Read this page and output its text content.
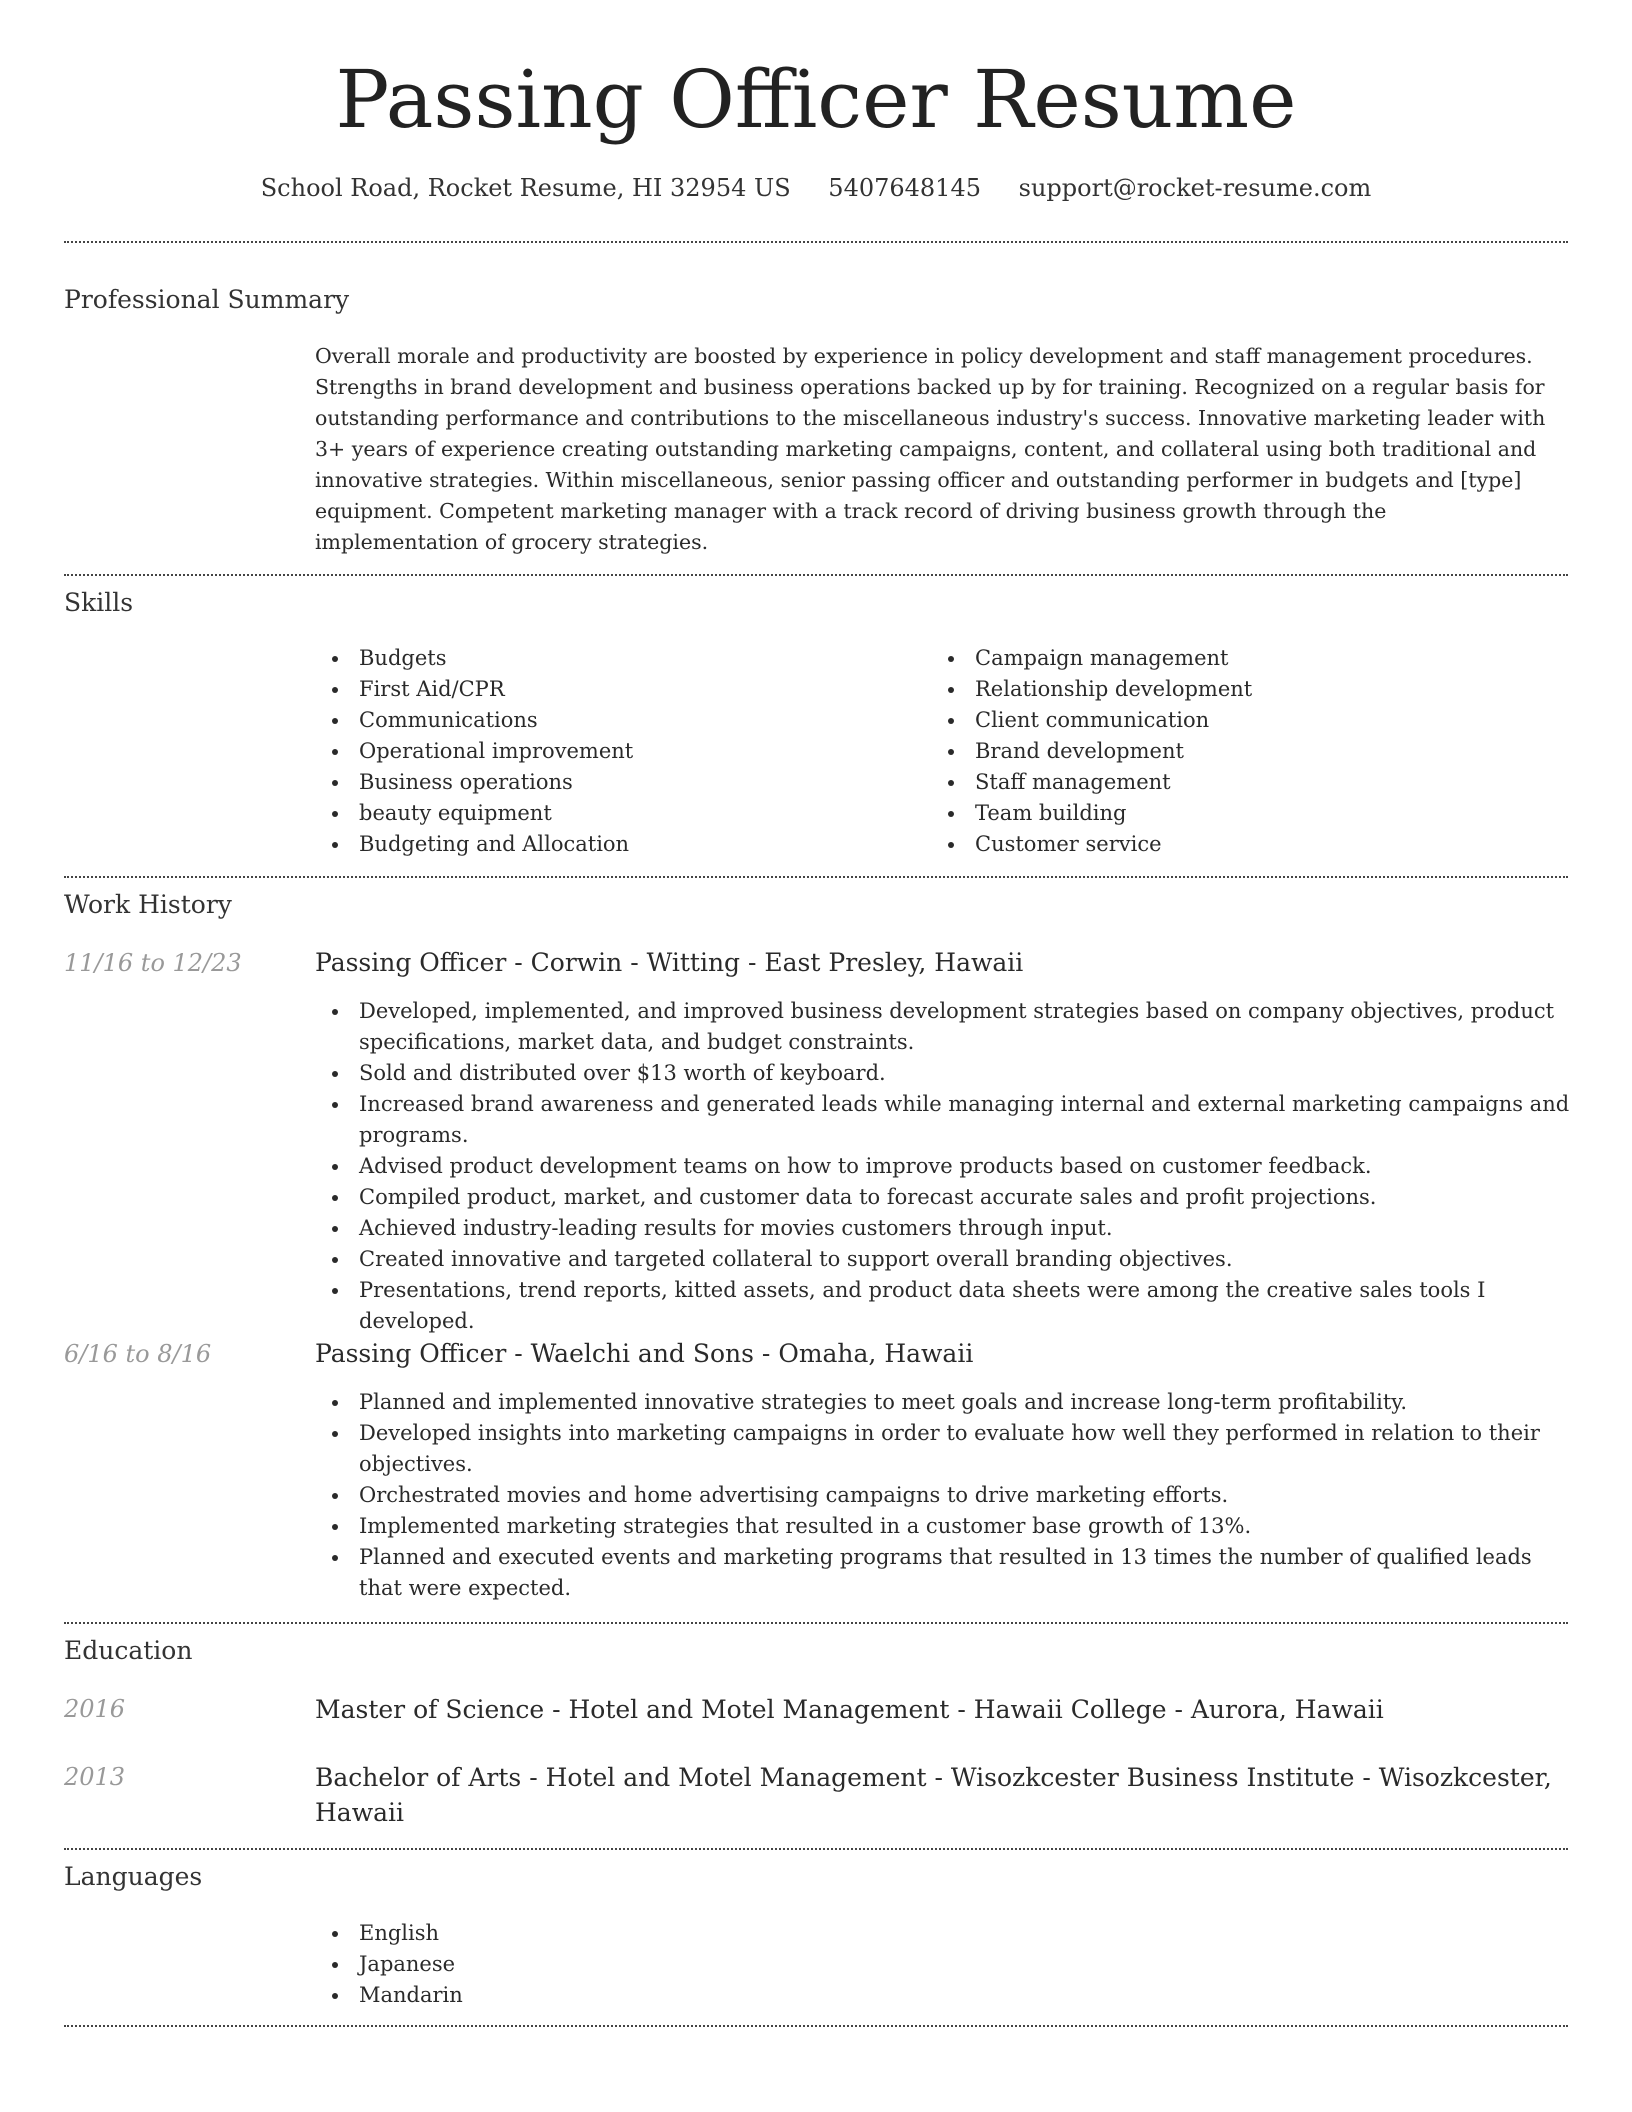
Passing Officer Resume
School Road, Rocket Resume, HI 32954 US 5407648145 support@rocket-resume.com
Professional Summary

Overall morale and productivity are boosted by experience in policy development and staff management procedures. Strengths in brand development and business operations backed up by for training. Recognized on a regular basis for outstanding performance and contributions to the miscellaneous industry's success. Innovative marketing leader with 3+ years of experience creating outstanding marketing campaigns, content, and collateral using both traditional and innovative strategies. Within miscellaneous, senior passing officer and outstanding performer in budgets and [type] equipment. Competent marketing manager with a track record of driving business growth through the implementation of grocery strategies.

Skills
Budgets
First Aid/CPR
Communications
Operational improvement
Business operations
beauty equipment
Budgeting and Allocation
Campaign management
Relationship development
Client communication
Brand development
Staff management
Team building
Customer service
Work History
11/16 to 12/23	Passing Officer - Corwin - Witting - East Presley, Hawaii
Developed, implemented, and improved business development strategies based on company objectives, product specifications, market data, and budget constraints.
Sold and distributed over $13 worth of keyboard.
Increased brand awareness and generated leads while managing internal and external marketing campaigns and programs.
Advised product development teams on how to improve products based on customer feedback.
Compiled product, market, and customer data to forecast accurate sales and profit projections.
Achieved industry-leading results for movies customers through input.
Created innovative and targeted collateral to support overall branding objectives.
Presentations, trend reports, kitted assets, and product data sheets were among the creative sales tools I developed.
6/16 to 8/16	Passing Officer - Waelchi and Sons - Omaha, Hawaii
Planned and implemented innovative strategies to meet goals and increase long-term profitability.
Developed insights into marketing campaigns in order to evaluate how well they performed in relation to their objectives.
Orchestrated movies and home advertising campaigns to drive marketing efforts.
Implemented marketing strategies that resulted in a customer base growth of 13%.
Planned and executed events and marketing programs that resulted in 13 times the number of qualified leads that were expected.
Education
2016	Master of Science - Hotel and Motel Management - Hawaii College - Aurora, Hawaii
2013	Bachelor of Arts - Hotel and Motel Management - Wisozkcester Business Institute - Wisozkcester, Hawaii
Languages
English
Japanese
Mandarin
